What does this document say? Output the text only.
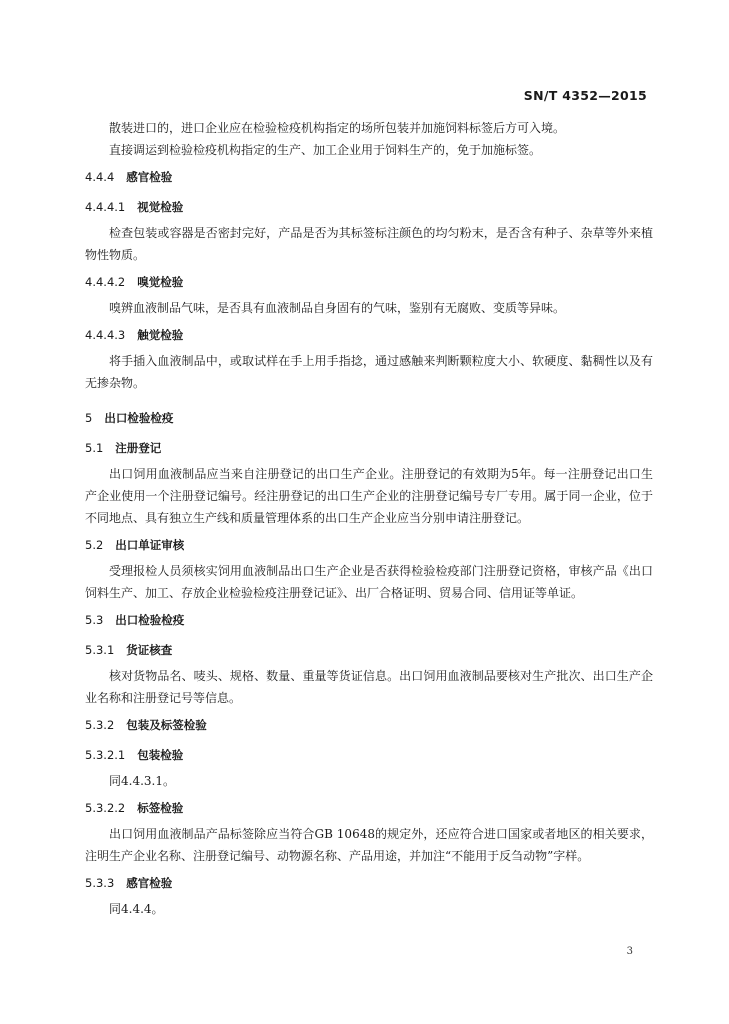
SN/T 4352—2015

散装进口的，进口企业应在检验检疫机构指定的场所包装并加施饲料标签后方可入境。

直接调运到检验检疫机构指定的生产、加工企业用于饲料生产的，免于加施标签。

4.4.4 感官检验
4.4.4.1 视觉检验

检查包装或容器是否密封完好，产品是否为其标签标注颜色的均匀粉末，是否含有种子、杂草等外来植物性物质。

4.4.4.2 嗅觉检验

嗅辨血液制品气味，是否具有血液制品自身固有的气味，鉴别有无腐败、变质等异味。

4.4.4.3 触觉检验

将手插入血液制品中，或取试样在手上用手指捻，通过感触来判断颗粒度大小、软硬度、黏稠性以及有无掺杂物。

5 出口检验检疫
5.1 注册登记

出口饲用血液制品应当来自注册登记的出口生产企业。注册登记的有效期为5年。每一注册登记出口生产企业使用一个注册登记编号。经注册登记的出口生产企业的注册登记编号专厂专用。属于同一企业，位于不同地点、具有独立生产线和质量管理体系的出口生产企业应当分别申请注册登记。

5.2 出口单证审核

受理报检人员须核实饲用血液制品出口生产企业是否获得检验检疫部门注册登记资格，审核产品《出口饲料生产、加工、存放企业检验检疫注册登记证》、出厂合格证明、贸易合同、信用证等单证。

5.3 出口检验检疫
5.3.1 货证核查

核对货物品名、唛头、规格、数量、重量等货证信息。出口饲用血液制品要核对生产批次、出口生产企业名称和注册登记号等信息。

5.3.2 包装及标签检验
5.3.2.1 包装检验

同4.4.3.1。

5.3.2.2 标签检验

出口饲用血液制品产品标签除应当符合GB 10648的规定外，还应符合进口国家或者地区的相关要求，注明生产企业名称、注册登记编号、动物源名称、产品用途，并加注“不能用于反刍动物”字样。

5.3.3 感官检验

同4.4.4。

3
